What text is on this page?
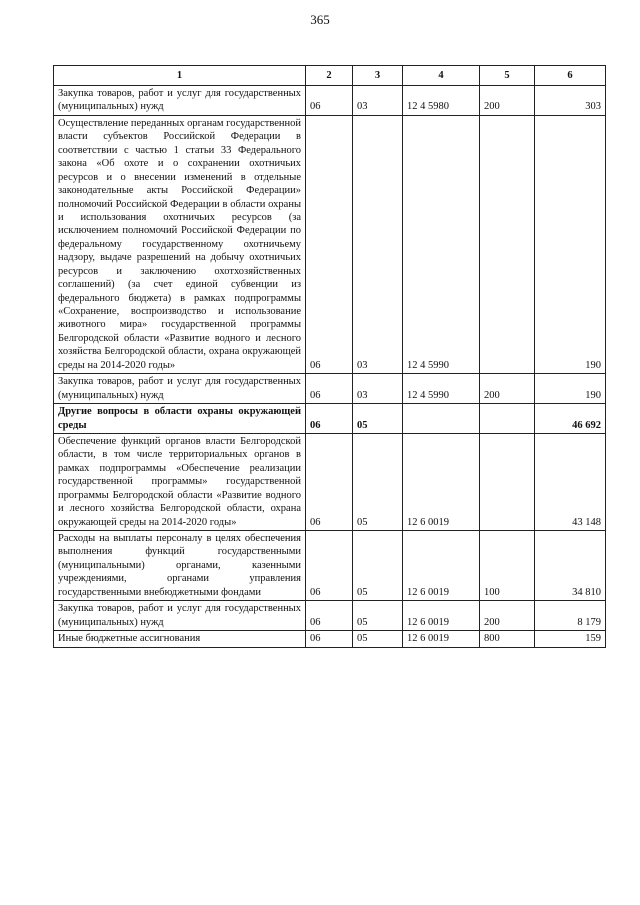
365
1	2	3	4	5	6
Закупка товаров, работ и услуг для государственных (муниципальных) нужд	06	03	12 4 5980	200	303
Осуществление переданных органам государственной власти субъектов Российской Федерации в соответствии с частью 1 статьи 33 Федерального закона «Об охоте и о сохранении охотничьих ресурсов и о внесении изменений в отдельные законодательные акты Российской Федерации» полномочий Российской Федерации в области охраны и использования охотничьих ресурсов (за исключением полномочий Российской Федерации по федеральному государственному охотничьему надзору, выдаче разрешений на добычу охотничьих ресурсов и заключению охотхозяйственных соглашений) (за счет единой субвенции из федерального бюджета) в рамках подпрограммы «Сохранение, воспроизводство и использование животного мира» государственной программы Белгородской области «Развитие водного и лесного хозяйства Белгородской области, охрана окружающей среды на 2014-2020 годы»	06	03	12 4 5990		190
Закупка товаров, работ и услуг для государственных (муниципальных) нужд	06	03	12 4 5990	200	190
Другие вопросы в области охраны окружающей среды	06	05			46 692
Обеспечение функций органов власти Белгородской области, в том числе территориальных органов в рамках подпрограммы «Обеспечение реализации государственной программы» государственной программы Белгородской области «Развитие водного и лесного хозяйства Белгородской области, охрана окружающей среды на 2014-2020 годы»	06	05	12 6 0019		43 148
Расходы на выплаты персоналу в целях обеспечения выполнения функций государственными (муниципальными) органами, казенными учреждениями, органами управления государственными внебюджетными фондами	06	05	12 6 0019	100	34 810
Закупка товаров, работ и услуг для государственных (муниципальных) нужд	06	05	12 6 0019	200	8 179
Иные бюджетные ассигнования	06	05	12 6 0019	800	159
